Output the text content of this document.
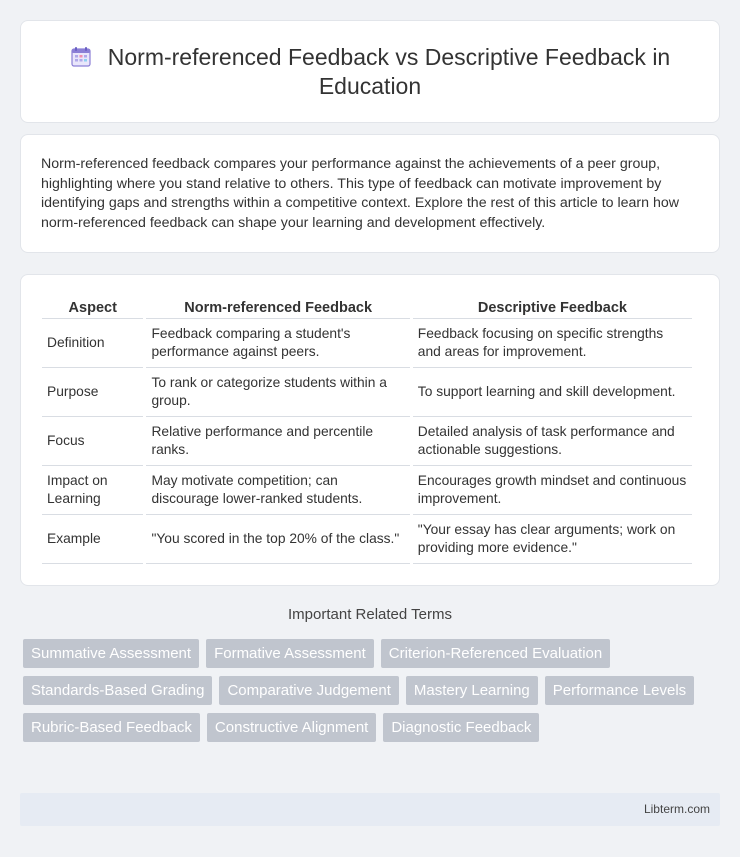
Norm-referenced Feedback vs Descriptive Feedback in Education

Norm-referenced feedback compares your performance against the achievements of a peer group, highlighting where you stand relative to others. This type of feedback can motivate improvement by identifying gaps and strengths within a competitive context. Explore the rest of this article to learn how norm-referenced feedback can shape your learning and development effectively.

Aspect	Norm-referenced Feedback	Descriptive Feedback
Definition	Feedback comparing a student's performance against peers.	Feedback focusing on specific strengths and areas for improvement.
Purpose	To rank or categorize students within a group.	To support learning and skill development.
Focus	Relative performance and percentile ranks.	Detailed analysis of task performance and actionable suggestions.
Impact on Learning	May motivate competition; can discourage lower-ranked students.	Encourages growth mindset and continuous improvement.
Example	"You scored in the top 20% of the class."	"Your essay has clear arguments; work on providing more evidence."
Important Related Terms
Summative Assessment	Formative Assessment	Criterion-Referenced Evaluation
Standards-Based Grading	Comparative Judgement	Mastery Learning	Performance Levels
Rubric-Based Feedback	Constructive Alignment	Diagnostic Feedback
Libterm.com
